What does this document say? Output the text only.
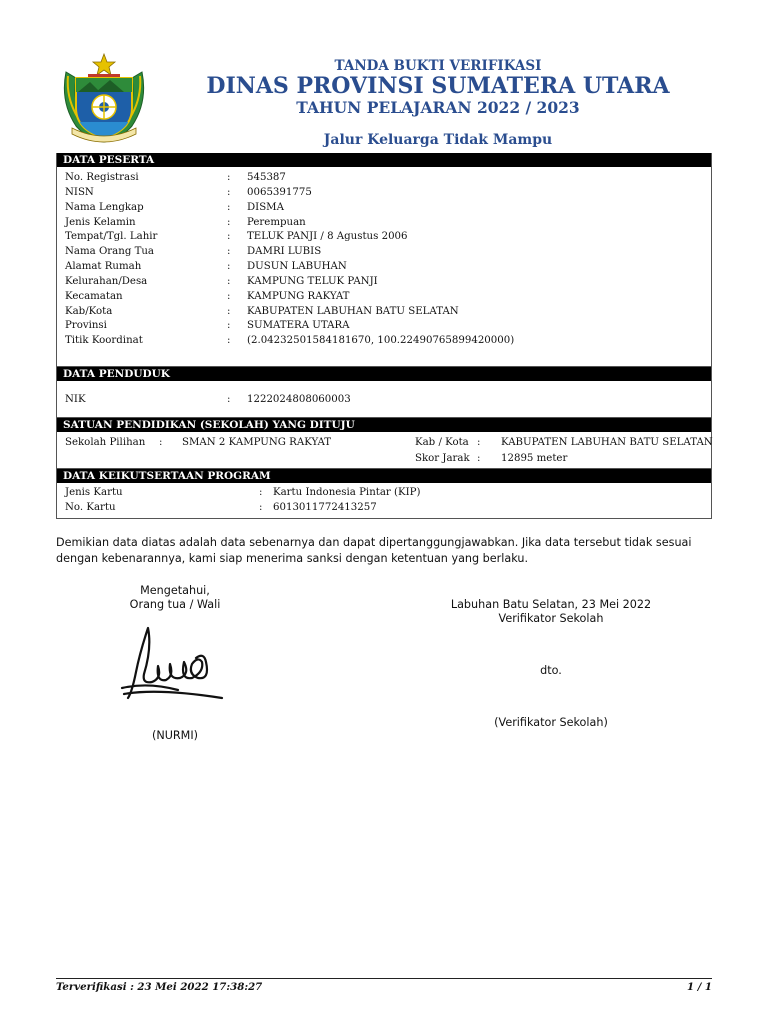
TANDA BUKTI VERIFIKASI
DINAS PROVINSI SUMATERA UTARA
TAHUN PELAJARAN 2022 / 2023
Jalur Keluarga Tidak Mampu
DATA PESERTA
No. Registrasi	: 545387
NISN	: 0065391775
Nama Lengkap	: DISMA
Jenis Kelamin	: Perempuan
Tempat/Tgl. Lahir	: TELUK PANJI / 8 Agustus 2006
Nama Orang Tua	: DAMRI LUBIS
Alamat Rumah	: DUSUN LABUHAN
Kelurahan/Desa	: KAMPUNG TELUK PANJI
Kecamatan	: KAMPUNG RAKYAT
Kab/Kota	: KABUPATEN LABUHAN BATU SELATAN
Provinsi	: SUMATERA UTARA
Titik Koordinat	: (2.04232501584181670, 100.22490765899420000)
DATA PENDUDUK
NIK	: 1222024808060003
SATUAN PENDIDIKAN (SEKOLAH) YANG DITUJU
Sekolah Pilihan : SMAN 2 KAMPUNG RAKYAT	Kab / Kota : KABUPATEN LABUHAN BATU SELATAN
Skor Jarak : 12895 meter
DATA KEIKUTSERTAAN PROGRAM
Jenis Kartu	: Kartu Indonesia Pintar (KIP)
No. Kartu	: 6013011772413257
Demikian data diatas adalah data sebenarnya dan dapat dipertanggungjawabkan. Jika data tersebut tidak sesuai dengan kebenarannya, kami siap menerima sanksi dengan ketentuan yang berlaku.
Mengetahui,
Orang tua / Wali
(NURMI)
Labuhan Batu Selatan, 23 Mei 2022
Verifikator Sekolah
dto.
(Verifikator Sekolah)
Terverifikasi : 23 Mei 2022 17:38:27	1 / 1
